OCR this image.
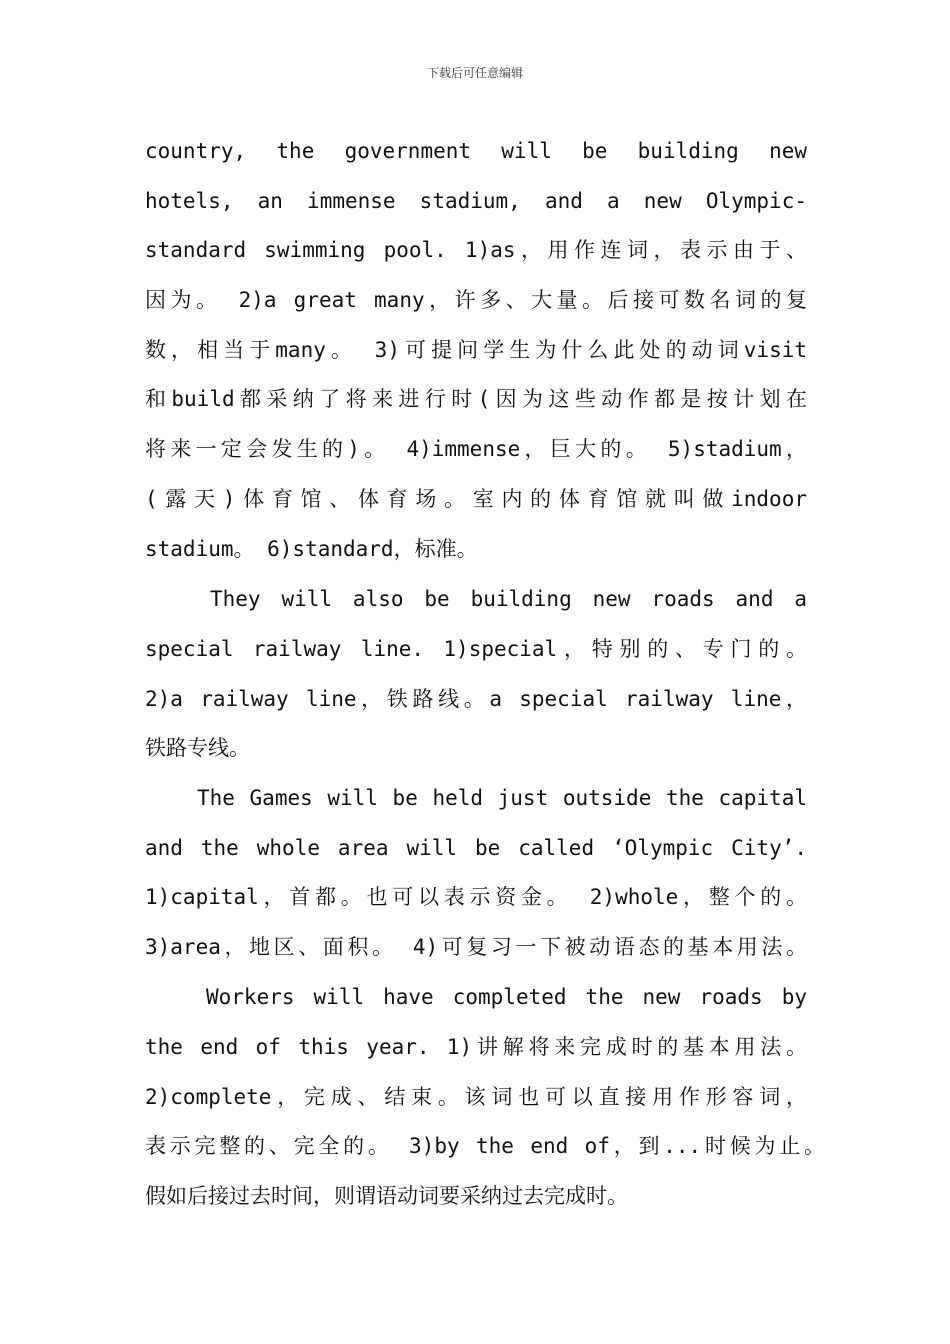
下载后可任意编辑
country, the government will be building new
hotels, an immense stadium, and a new Olympic-
standard swimming pool. 1)as，用作连词，表示由于、
因为。 2)a great many，许多、大量。后接可数名词的复
数，相当于many。 3)可提问学生为什么此处的动词visit
和build都采纳了将来进行时(因为这些动作都是按计划在
将来一定会发生的)。 4)immense，巨大的。 5)stadium，
(露天)体育馆、体育场。室内的体育馆就叫做indoor
stadium。 6)standard，标准。
They will also be building new roads and a
special railway line. 1)special，特别的、专门的。
2)a railway line，铁路线。a special railway line，
铁路专线。
The Games will be held just outside the capital
and the whole area will be called ‘Olympic City’.
1)capital，首都。也可以表示资金。 2)whole，整个的。
3)area，地区、面积。 4)可复习一下被动语态的基本用法。
Workers will have completed the new roads by
the end of this year. 1)讲解将来完成时的基本用法。
2)complete，完成、结束。该词也可以直接用作形容词，
表示完整的、完全的。 3)by the end of，到...时候为止。
假如后接过去时间，则谓语动词要采纳过去完成时。
